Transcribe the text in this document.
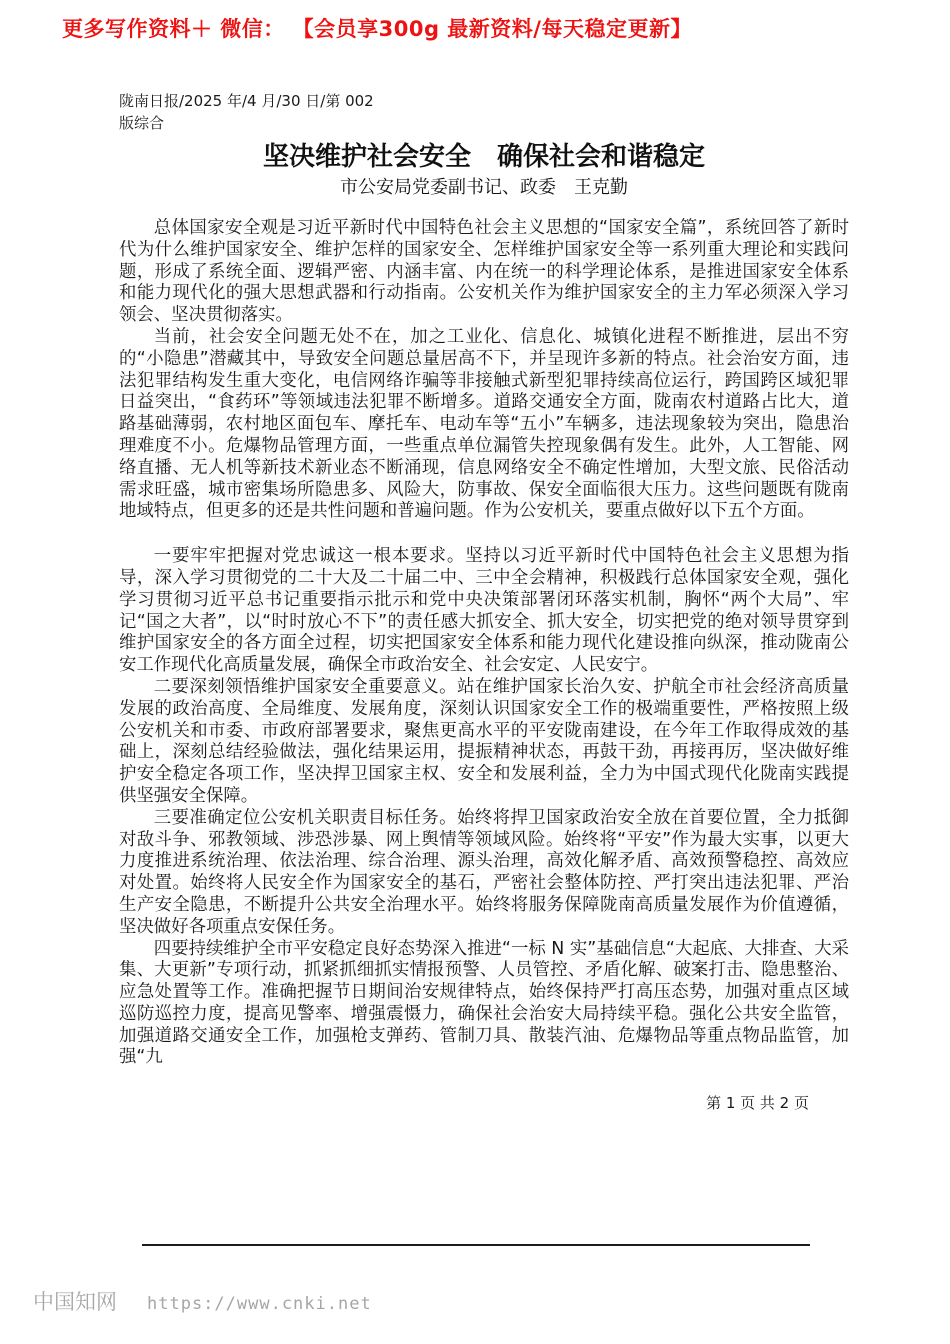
更多写作资料＋ 微信： 【会员享300g 最新资料/每天稳定更新】
陇南日报/2025 年/4 月/30 日/第 002
版综合
坚决维护社会安全　确保社会和谐稳定
市公安局党委副书记、政委　王克勤

总体国家安全观是习近平新时代中国特色社会主义思想的“国家安全篇”，系统回答了新时代为什么维护国家安全、维护怎样的国家安全、怎样维护国家安全等一系列重大理论和实践问题，形成了系统全面、逻辑严密、内涵丰富、内在统一的科学理论体系，是推进国家安全体系和能力现代化的强大思想武器和行动指南。公安机关作为维护国家安全的主力军必须深入学习领会、坚决贯彻落实。

当前，社会安全问题无处不在，加之工业化、信息化、城镇化进程不断推进，层出不穷的“小隐患”潜藏其中，导致安全问题总量居高不下，并呈现许多新的特点。社会治安方面，违法犯罪结构发生重大变化，电信网络诈骗等非接触式新型犯罪持续高位运行，跨国跨区域犯罪日益突出，“食药环”等领域违法犯罪不断增多。道路交通安全方面，陇南农村道路占比大，道路基础薄弱，农村地区面包车、摩托车、电动车等“五小”车辆多，违法现象较为突出，隐患治理难度不小。危爆物品管理方面，一些重点单位漏管失控现象偶有发生。此外，人工智能、网络直播、无人机等新技术新业态不断涌现，信息网络安全不确定性增加，大型文旅、民俗活动需求旺盛，城市密集场所隐患多、风险大，防事故、保安全面临很大压力。这些问题既有陇南地域特点，但更多的还是共性问题和普遍问题。作为公安机关，要重点做好以下五个方面。

一要牢牢把握对党忠诚这一根本要求。坚持以习近平新时代中国特色社会主义思想为指导，深入学习贯彻党的二十大及二十届二中、三中全会精神，积极践行总体国家安全观，强化学习贯彻习近平总书记重要指示批示和党中央决策部署闭环落实机制，胸怀“两个大局”、牢记“国之大者”，以“时时放心不下”的责任感大抓安全、抓大安全，切实把党的绝对领导贯穿到维护国家安全的各方面全过程，切实把国家安全体系和能力现代化建设推向纵深，推动陇南公安工作现代化高质量发展，确保全市政治安全、社会安定、人民安宁。

二要深刻领悟维护国家安全重要意义。站在维护国家长治久安、护航全市社会经济高质量发展的政治高度、全局维度、发展角度，深刻认识国家安全工作的极端重要性，严格按照上级公安机关和市委、市政府部署要求，聚焦更高水平的平安陇南建设，在今年工作取得成效的基础上，深刻总结经验做法，强化结果运用，提振精神状态，再鼓干劲，再接再厉，坚决做好维护安全稳定各项工作，坚决捍卫国家主权、安全和发展利益，全力为中国式现代化陇南实践提供坚强安全保障。

三要准确定位公安机关职责目标任务。始终将捍卫国家政治安全放在首要位置，全力抵御对敌斗争、邪教领域、涉恐涉暴、网上舆情等领域风险。始终将“平安”作为最大实事，以更大力度推进系统治理、依法治理、综合治理、源头治理，高效化解矛盾、高效预警稳控、高效应对处置。始终将人民安全作为国家安全的基石，严密社会整体防控、严打突出违法犯罪、严治生产安全隐患，不断提升公共安全治理水平。始终将服务保障陇南高质量发展作为价值遵循，坚决做好各项重点安保任务。

四要持续维护全市平安稳定良好态势深入推进“一标 N 实”基础信息“大起底、大排查、大采集、大更新”专项行动，抓紧抓细抓实情报预警、人员管控、矛盾化解、破案打击、隐患整治、应急处置等工作。准确把握节日期间治安规律特点，始终保持严打高压态势，加强对重点区域巡防巡控力度，提高见警率、增强震慑力，确保社会治安大局持续平稳。强化公共安全监管，加强道路交通安全工作，加强枪支弹药、管制刀具、散装汽油、危爆物品等重点物品监管，加强“九

第 1 页 共 2 页
中国知网 https://www.cnki.net
